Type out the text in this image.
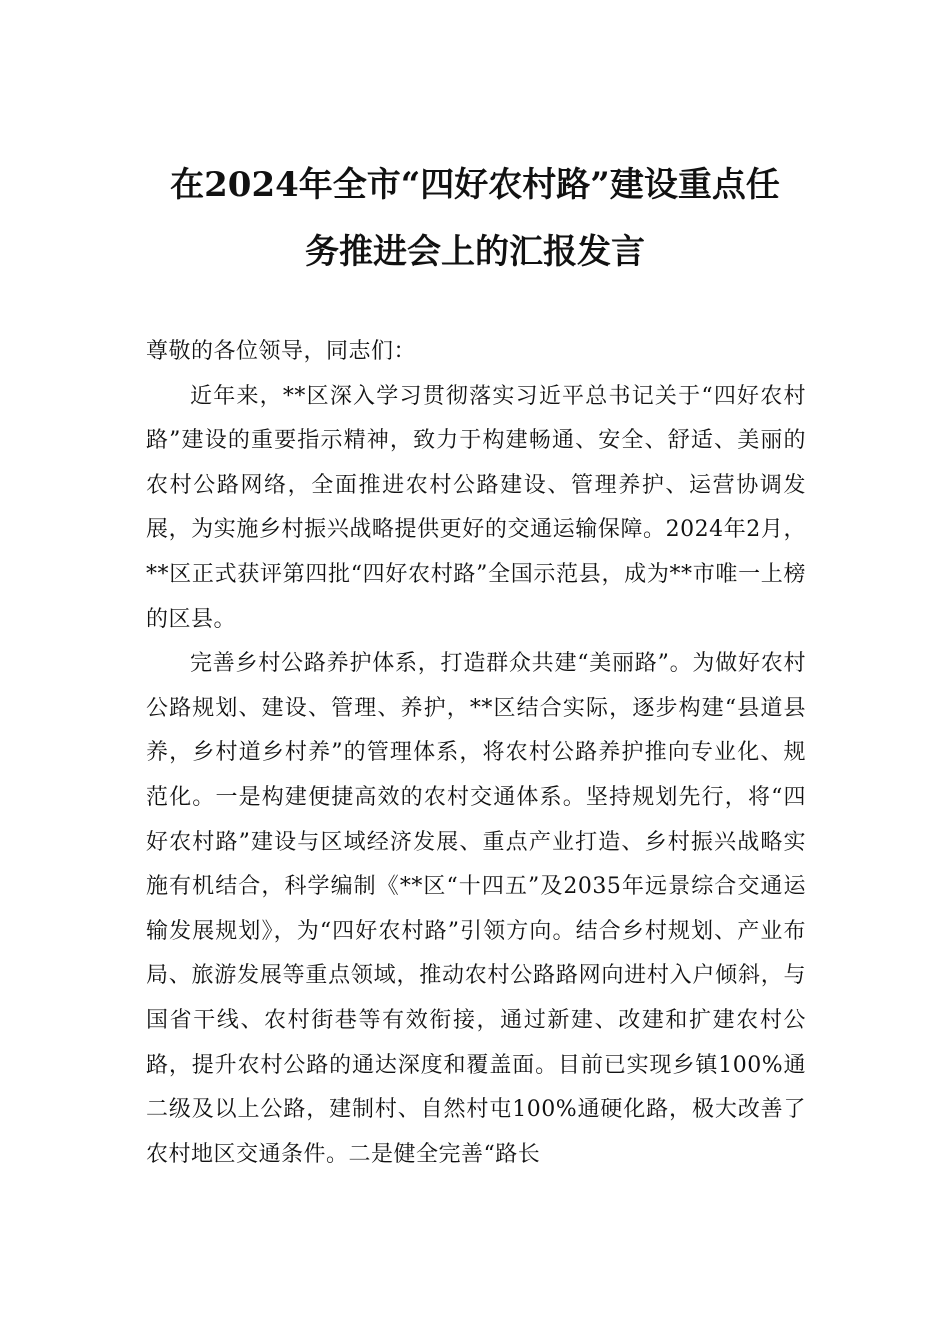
在2024年全市“四好农村路”建设重点任
务推进会上的汇报发言

尊敬的各位领导，同志们：

近年来，**区深入学习贯彻落实习近平总书记关于“四好农村路”建设的重要指示精神，致力于构建畅通、安全、舒适、美丽的农村公路网络，全面推进农村公路建设、管理养护、运营协调发展，为实施乡村振兴战略提供更好的交通运输保障。2024年2月，**区正式获评第四批“四好农村路”全国示范县，成为**市唯一上榜的区县。

完善乡村公路养护体系，打造群众共建“美丽路”。为做好农村公路规划、建设、管理、养护，**区结合实际，逐步构建“县道县养，乡村道乡村养”的管理体系，将农村公路养护推向专业化、规范化。一是构建便捷高效的农村交通体系。坚持规划先行，将“四好农村路”建设与区域经济发展、重点产业打造、乡村振兴战略实施有机结合，科学编制《**区“十四五”及2035年远景综合交通运输发展规划》，为“四好农村路”引领方向。结合乡村规划、产业布局、旅游发展等重点领域，推动农村公路路网向进村入户倾斜，与国省干线、农村街巷等有效衔接，通过新建、改建和扩建农村公路，提升农村公路的通达深度和覆盖面。目前已实现乡镇100%通二级及以上公路，建制村、自然村屯100%通硬化路，极大改善了农村地区交通条件。二是健全完善“路长
